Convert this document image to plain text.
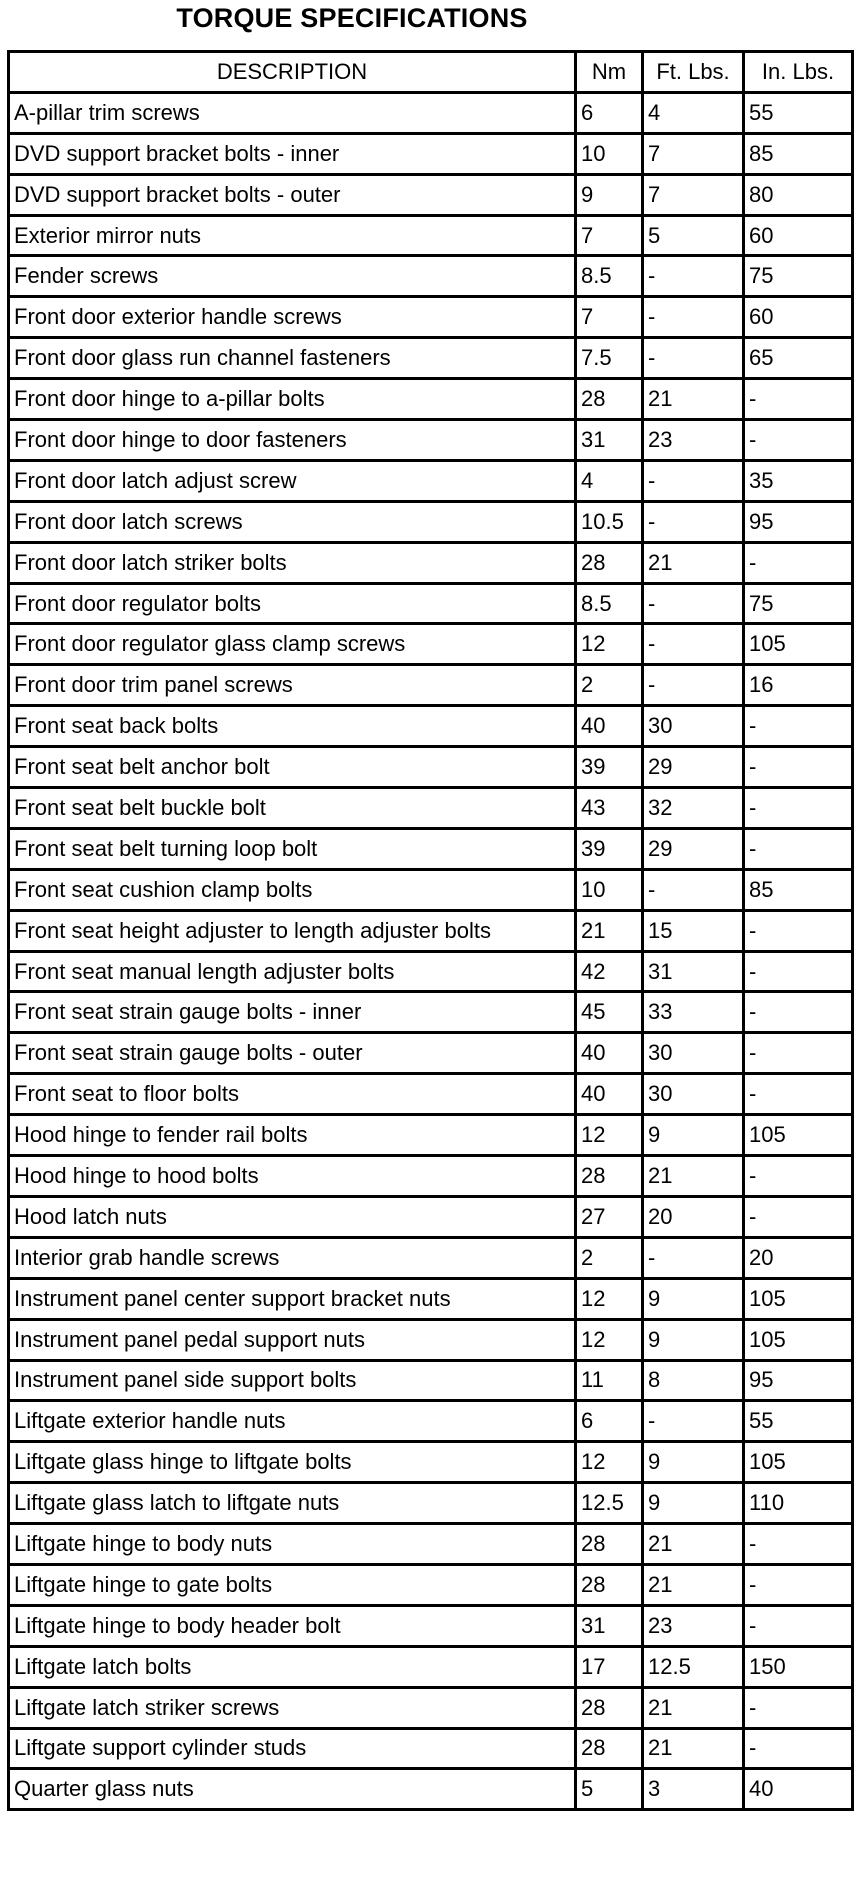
TORQUE SPECIFICATIONS
DESCRIPTION	Nm	Ft. Lbs.	In. Lbs.
A-pillar trim screws	6	4	55
DVD support bracket bolts - inner	10	7	85
DVD support bracket bolts - outer	9	7	80
Exterior mirror nuts	7	5	60
Fender screws	8.5	-	75
Front door exterior handle screws	7	-	60
Front door glass run channel fasteners	7.5	-	65
Front door hinge to a-pillar bolts	28	21	-
Front door hinge to door fasteners	31	23	-
Front door latch adjust screw	4	-	35
Front door latch screws	10.5	-	95
Front door latch striker bolts	28	21	-
Front door regulator bolts	8.5	-	75
Front door regulator glass clamp screws	12	-	105
Front door trim panel screws	2	-	16
Front seat back bolts	40	30	-
Front seat belt anchor bolt	39	29	-
Front seat belt buckle bolt	43	32	-
Front seat belt turning loop bolt	39	29	-
Front seat cushion clamp bolts	10	-	85
Front seat height adjuster to length adjuster bolts	21	15	-
Front seat manual length adjuster bolts	42	31	-
Front seat strain gauge bolts - inner	45	33	-
Front seat strain gauge bolts - outer	40	30	-
Front seat to floor bolts	40	30	-
Hood hinge to fender rail bolts	12	9	105
Hood hinge to hood bolts	28	21	-
Hood latch nuts	27	20	-
Interior grab handle screws	2	-	20
Instrument panel center support bracket nuts	12	9	105
Instrument panel pedal support nuts	12	9	105
Instrument panel side support bolts	11	8	95
Liftgate exterior handle nuts	6	-	55
Liftgate glass hinge to liftgate bolts	12	9	105
Liftgate glass latch to liftgate nuts	12.5	9	110
Liftgate hinge to body nuts	28	21	-
Liftgate hinge to gate bolts	28	21	-
Liftgate hinge to body header bolt	31	23	-
Liftgate latch bolts	17	12.5	150
Liftgate latch striker screws	28	21	-
Liftgate support cylinder studs	28	21	-
Quarter glass nuts	5	3	40
